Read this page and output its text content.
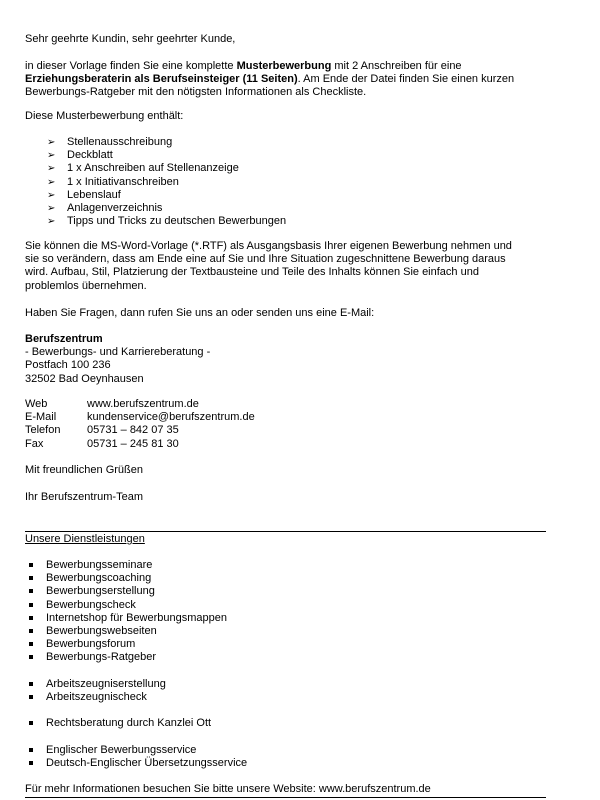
Sehr geehrte Kundin, sehr geehrter Kunde,

in dieser Vorlage finden Sie eine komplette Musterbewerbung mit 2 Anschreiben für eine

Erziehungsberaterin als Berufseinsteiger (11 Seiten). Am Ende der Datei finden Sie einen kurzen

Bewerbungs-Ratgeber mit den nötigsten Informationen als Checkliste.

Diese Musterbewerbung enthält:

➢ Stellenausschreibung
➢ Deckblatt
➢ 1 x Anschreiben auf Stellenanzeige
➢ 1 x Initiativanschreiben
➢ Lebenslauf
➢ Anlagenverzeichnis
➢ Tipps und Tricks zu deutschen Bewerbungen

Sie können die MS-Word-Vorlage (*.RTF) als Ausgangsbasis Ihrer eigenen Bewerbung nehmen und

sie so verändern, dass am Ende eine auf Sie und Ihre Situation zugeschnittene Bewerbung daraus

wird. Aufbau, Stil, Platzierung der Textbausteine und Teile des Inhalts können Sie einfach und

problemlos übernehmen.

Haben Sie Fragen, dann rufen Sie uns an oder senden uns eine E-Mail:

Berufszentrum

- Bewerbungs- und Karriereberatung -

Postfach 100 236

32502 Bad Oeynhausen

Web	www.berufszentrum.de
E-Mail	kundenservice@berufszentrum.de
Telefon	05731 – 842 07 35
Fax	05731 – 245 81 30

Mit freundlichen Grüßen

Ihr Berufszentrum-Team

Unsere Dienstleistungen

Bewerbungsseminare
Bewerbungscoaching
Bewerbungserstellung
Bewerbungscheck
Internetshop für Bewerbungsmappen
Bewerbungswebseiten
Bewerbungsforum
Bewerbungs-Ratgeber
Arbeitszeugniserstellung
Arbeitszeugnischeck
Rechtsberatung durch Kanzlei Ott
Englischer Bewerbungsservice
Deutsch-Englischer Übersetzungsservice

Für mehr Informationen besuchen Sie bitte unsere Website: www.berufszentrum.de
